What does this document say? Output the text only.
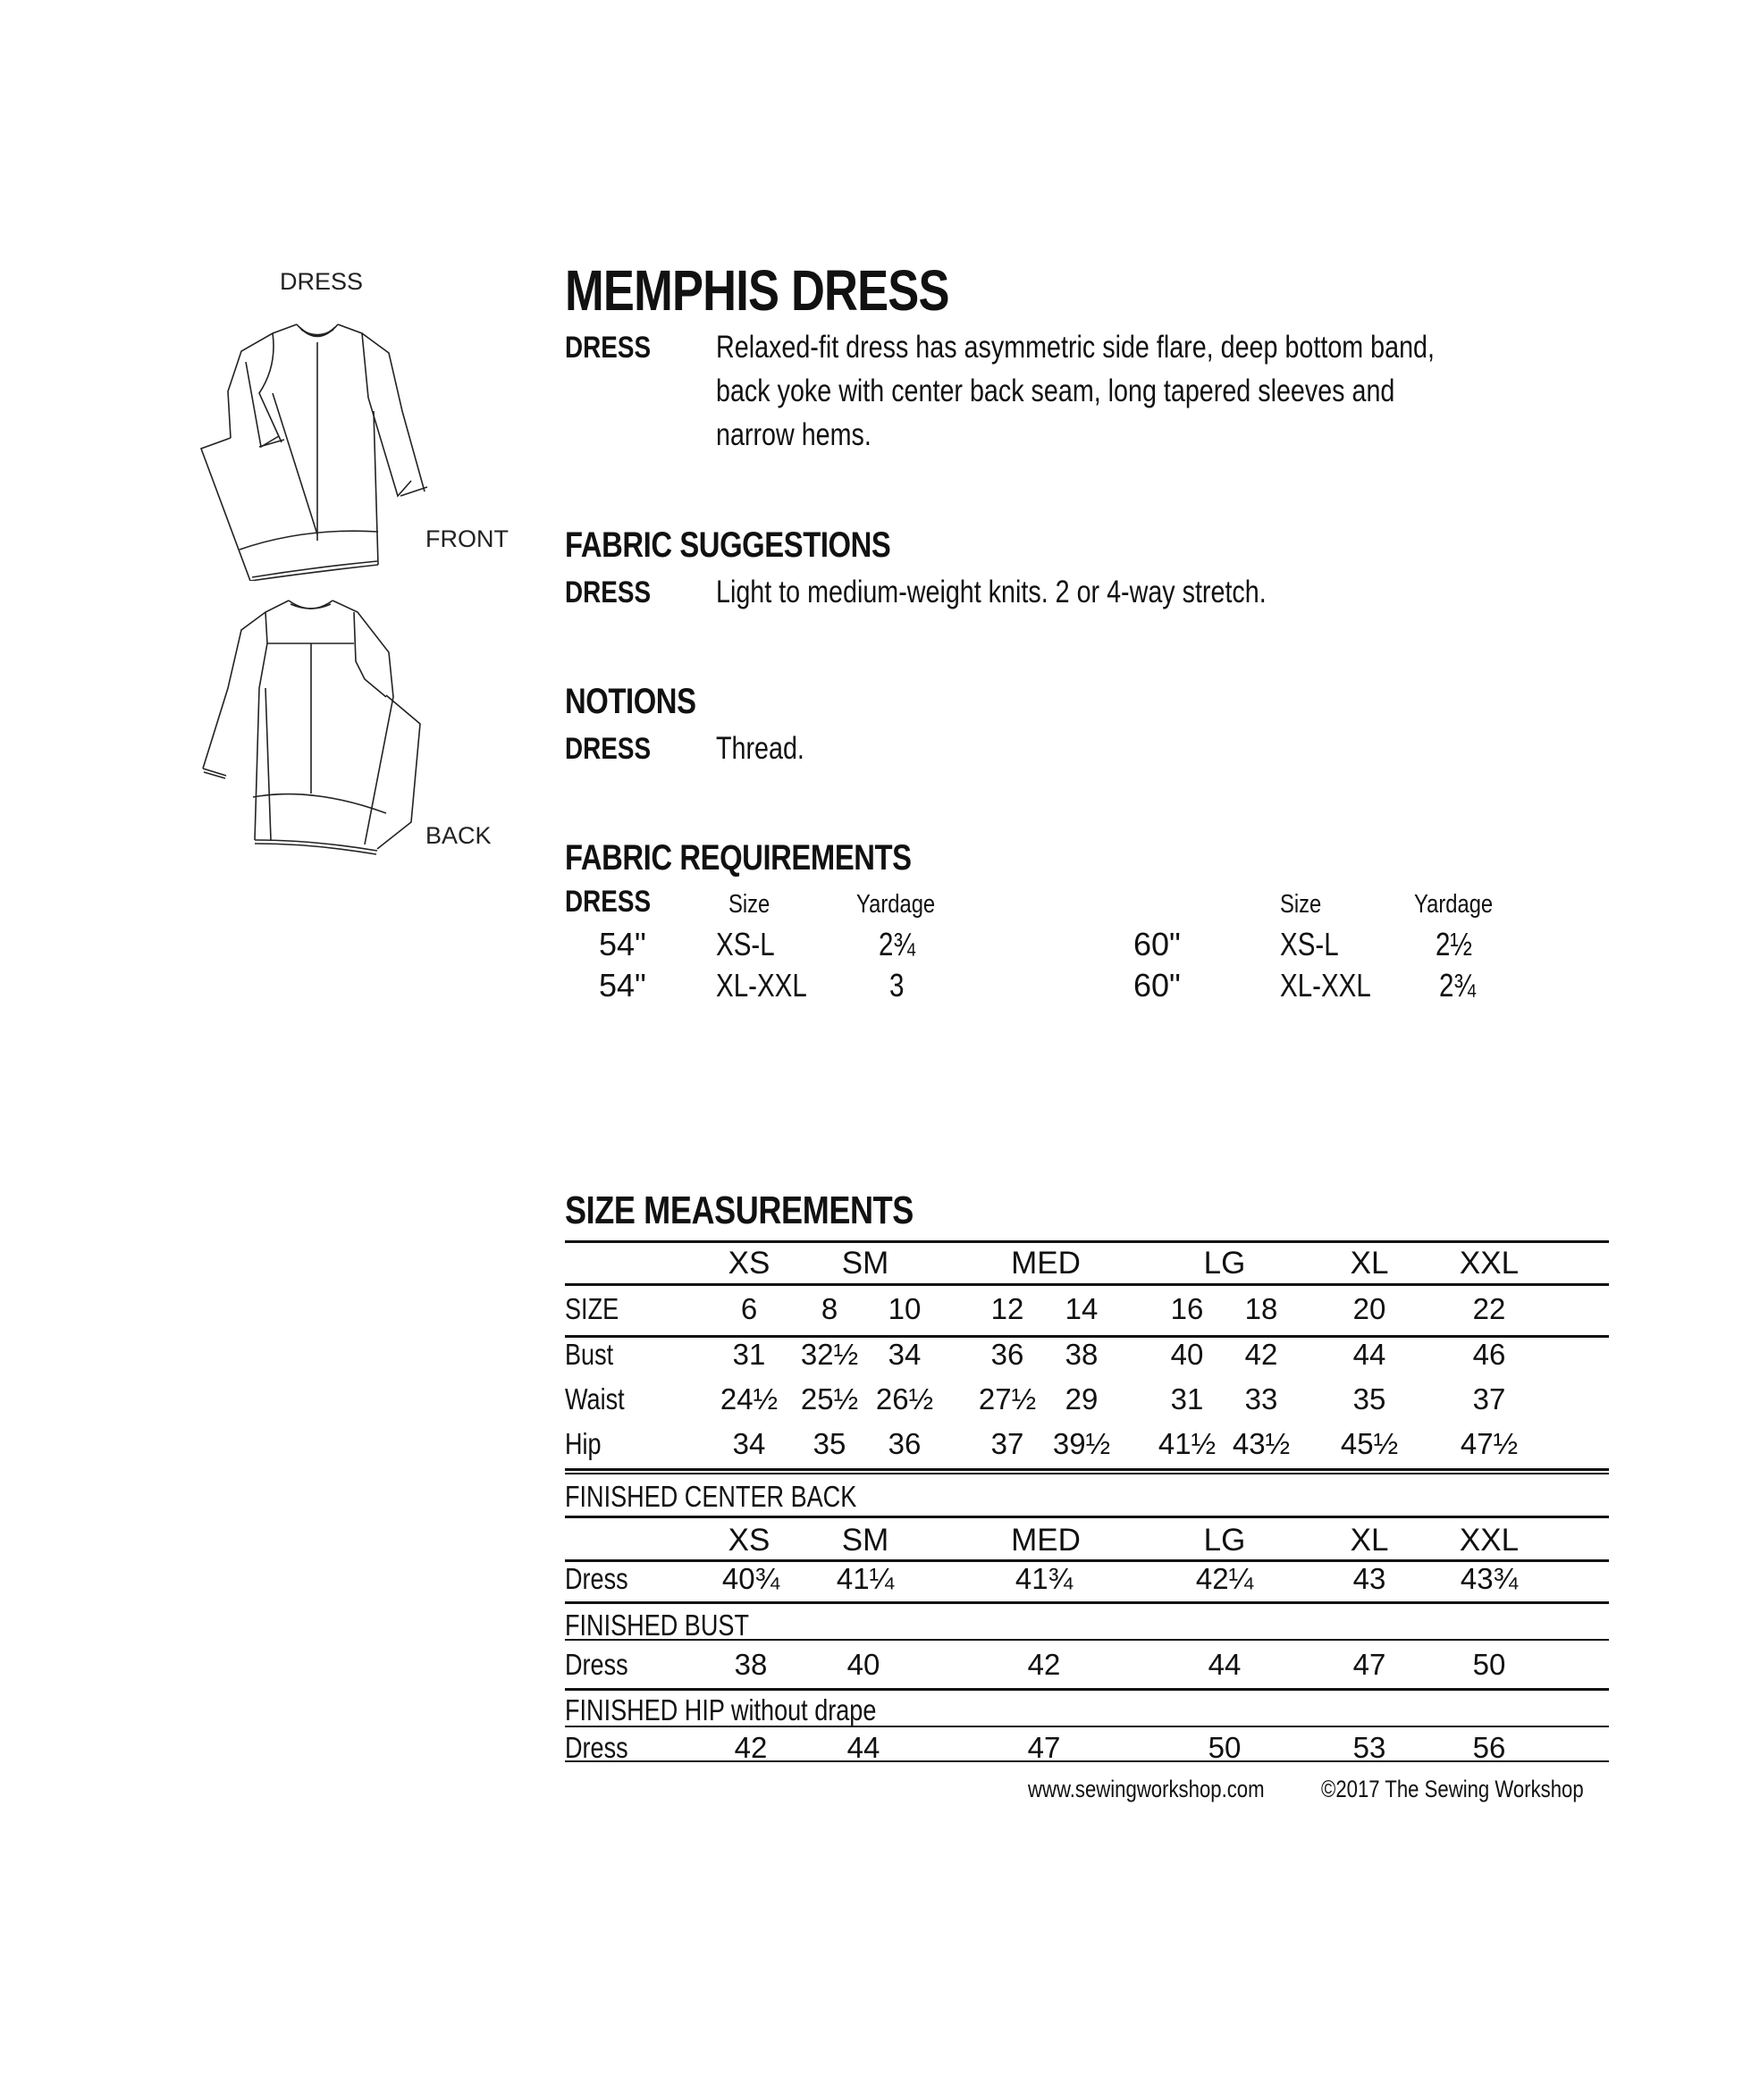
DRESS
FRONT
BACK
MEMPHIS DRESS
DRESS	Relaxed-fit dress has asymmetric side flare, deep bottom band,
back yoke with center back seam, long tapered sleeves and
narrow hems.
FABRIC SUGGESTIONS
DRESS	Light to medium-weight knits. 2 or 4-way stretch.
NOTIONS
DRESS	Thread.
FABRIC REQUIREMENTS
DRESS	Size	Yardage	Size	Yardage
54" XS-L	2¾
54" XL-XXL	3
60"	XS-L	2½
60"	XL-XXL	2¾
SIZE MEASUREMENTS
XS SM	MED	LG	XL XXL
SIZE	6 8 10 12 14 16 18	20	22
Bust	31 32½ 34 36 38 40 42	44	46
Waist	24½ 25½ 26½ 27½ 29 31 33	35	37
Hip	34 35 36 37 39½ 41½ 43½ 45½ 47½
FINISHED CENTER BACK
XS SM	MED	LG	XL XXL
Dress	40¾ 41¼	41¾	42¼	43	43¾
FINISHED BUST
Dress	38	40	42	44	47	50
FINISHED HIP without drape
Dress	42	44	47	50	53	56
www.sewingworkshop.com	©2017 The Sewing Workshop
